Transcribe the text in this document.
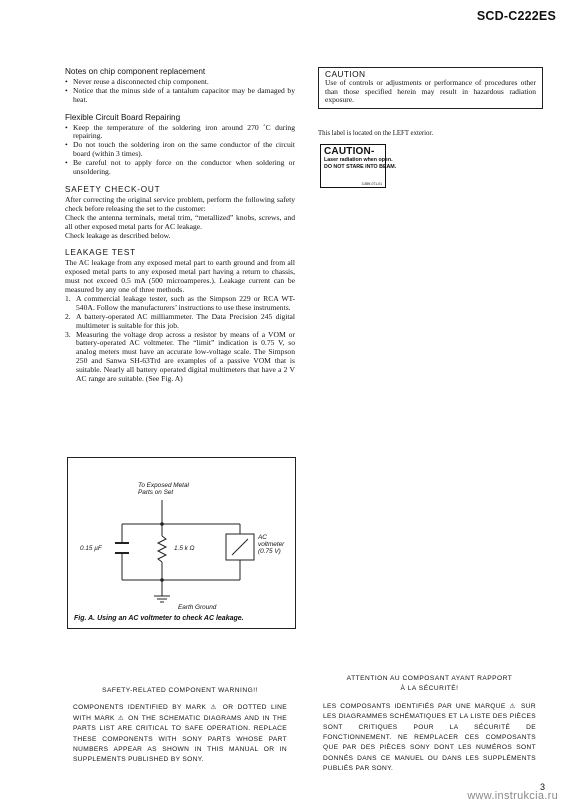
SCD-C222ES
Notes on chip component replacement
• Never reuse a disconnected chip component.
• Notice that the minus side of a tantalum capacitor may be damaged by heat.
Flexible Circuit Board Repairing
• Keep the temperature of the soldering iron around 270 ˚C during repairing.
• Do not touch the soldering iron on the same conductor of the circuit board (within 3 times).
• Be careful not to apply force on the conductor when soldering or unsoldering.
SAFETY CHECK-OUT

After correcting the original service problem, perform the following safety check before releasing the set to the customer:

Check the antenna terminals, metal trim, “metallized” knobs, screws, and all other exposed metal parts for AC leakage.

Check leakage as described below.

LEAKAGE TEST

The AC leakage from any exposed metal part to earth ground and from all exposed metal parts to any exposed metal part having a return to chassis, must not exceed 0.5 mA (500 microamperes.). Leakage current can be measured by any one of three methods.

1. A commercial leakage tester, such as the Simpson 229 or RCA WT-540A. Follow the manufacturers’ instructions to use these instruments.
2. A battery-operated AC milliammeter. The Data Precision 245 digital multimeter is suitable for this job.
3. Measuring the voltage drop across a resistor by means of a VOM or battery-operated AC voltmeter. The “limit” indication is 0.75 V, so analog meters must have an accurate low-voltage scale. The Simpson 250 and Sanwa SH-63Trd are examples of a passive VOM that is suitable. Nearly all battery operated digital multimeters that have a 2 V AC range are suitable. (See Fig. A)
To Exposed Metal
Parts on Set
0.15 µF	1.5 k Ω
AC
voltmeter
(0.75 V)
Earth Ground
Fig. A. Using an AC voltmeter to check AC leakage.
CAUTION

Use of controls or adjustments or performance of procedures other than those specified herein may result in hazardous radiation exposure.

This label is located on the LEFT exterior.
CAUTION-
Laser radiation when open.
DO NOT STARE INTO BEAM.
3-859-071-01
SAFETY-RELATED COMPONENT WARNING!!
COMPONENTS IDENTIFIED BY MARK ⚠ OR DOTTED LINE WITH MARK ⚠ ON THE SCHEMATIC DIAGRAMS AND IN THE PARTS LIST ARE CRITICAL TO SAFE OPERATION. REPLACE THESE COMPONENTS WITH SONY PARTS WHOSE PART NUMBERS APPEAR AS SHOWN IN THIS MANUAL OR IN SUPPLEMENTS PUBLISHED BY SONY.
ATTENTION AU COMPOSANT AYANT RAPPORT
À LA SÉCURITÉ!
LES COMPOSANTS IDENTIFIÉS PAR UNE MARQUE ⚠ SUR LES DIAGRAMMES SCHÉMATIQUES ET LA LISTE DES PIÈCES SONT CRITIQUES POUR LA SÉCURITÉ DE FONCTIONNEMENT. NE REMPLACER CES COMPOSANTS QUE PAR DES PIÈCES SONY DONT LES NUMÉROS SONT DONNÉS DANS CE MANUEL OU DANS LES SUPPLÉMENTS PUBLIÉS PAR SONY.
3
www.instrukcia.ru
